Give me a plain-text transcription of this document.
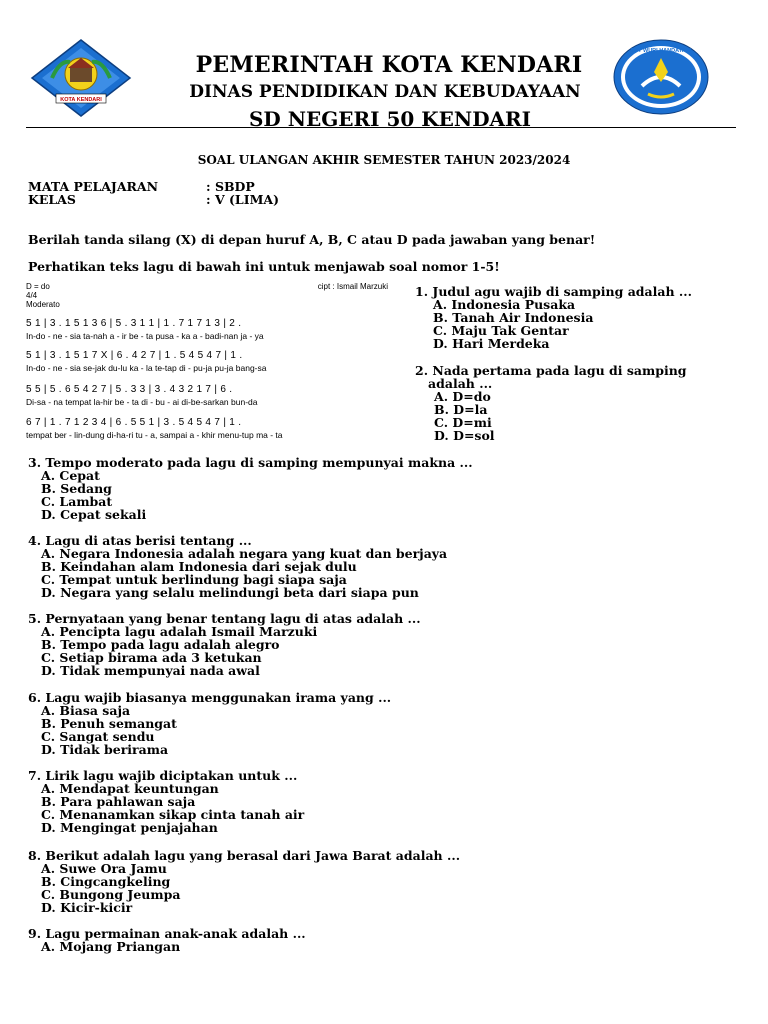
KOTA KENDARI
PEMERINTAH KOTA KENDARI
DINAS PENDIDIKAN DAN KEBUDAYAAN
SD NEGERI 50 KENDARI
TUT WURI HANDAYANI
SOAL ULANGAN AKHIR SEMESTER TAHUN 2023/2024
MATA PELAJARAN	: SBDP
KELAS	: V (LIMA)
Berilah tanda silang (X) di depan huruf A, B, C atau D pada jawaban yang benar!
Perhatikan teks lagu di bawah ini untuk menjawab soal nomor 1-5!
D = do
4/4
Moderato
cipt : Ismail Marzuki
5 1 | 3 . 1 5 1 3 6 | 5 . 3 1 1 | 1 . 7 1 7 1 3 | 2 .
In-do - ne - sia ta-nah a - ir be - ta pusa - ka a - badi-nan ja - ya
5 1 | 3 . 1 5 1 7 X | 6 . 4 2 7 | 1 . 5 4 5 4 7 | 1 .
In-do - ne - sia se-jak du-lu ka - la te-tap di - pu-ja pu-ja bang-sa
5 5 | 5 . 6 5 4 2 7 | 5 . 3 3 | 3 . 4 3 2 1 7 | 6 .
Di-sa - na tempat la-hir be - ta di - bu - ai di-be-sarkan bun-da
6 7 | 1 . 7 1 2 3 4 | 6 . 5 5 1 | 3 . 5 4 5 4 7 | 1 .
tempat ber - lin-dung di-ha-ri tu - a, sampai a - khir menu-tup ma - ta
1. Judul agu wajib di samping adalah ...
A. Indonesia Pusaka
B. Tanah Air Indonesia
C. Maju Tak Gentar
D. Hari Merdeka
2. Nada pertama pada lagu di samping
adalah ...
A. D=do
B. D=la
C. D=mi
D. D=sol
3. Tempo moderato pada lagu di samping mempunyai makna ...
A. Cepat
B. Sedang
C. Lambat
D. Cepat sekali
4. Lagu di atas berisi tentang ...
A. Negara Indonesia adalah negara yang kuat dan berjaya
B. Keindahan alam Indonesia dari sejak dulu
C. Tempat untuk berlindung bagi siapa saja
D. Negara yang selalu melindungi beta dari siapa pun
5. Pernyataan yang benar tentang lagu di atas adalah ...
A. Pencipta lagu adalah Ismail Marzuki
B. Tempo pada lagu adalah alegro
C. Setiap birama ada 3 ketukan
D. Tidak mempunyai nada awal
6. Lagu wajib biasanya menggunakan irama yang ...
A. Biasa saja
B. Penuh semangat
C. Sangat sendu
D. Tidak berirama
7. Lirik lagu wajib diciptakan untuk ...
A. Mendapat keuntungan
B. Para pahlawan saja
C. Menanamkan sikap cinta tanah air
D. Mengingat penjajahan
8. Berikut adalah lagu yang berasal dari Jawa Barat adalah ...
A. Suwe Ora Jamu
B. Cingcangkeling
C. Bungong Jeumpa
D. Kicir-kicir
9. Lagu permainan anak-anak adalah ...
A. Mojang Priangan
